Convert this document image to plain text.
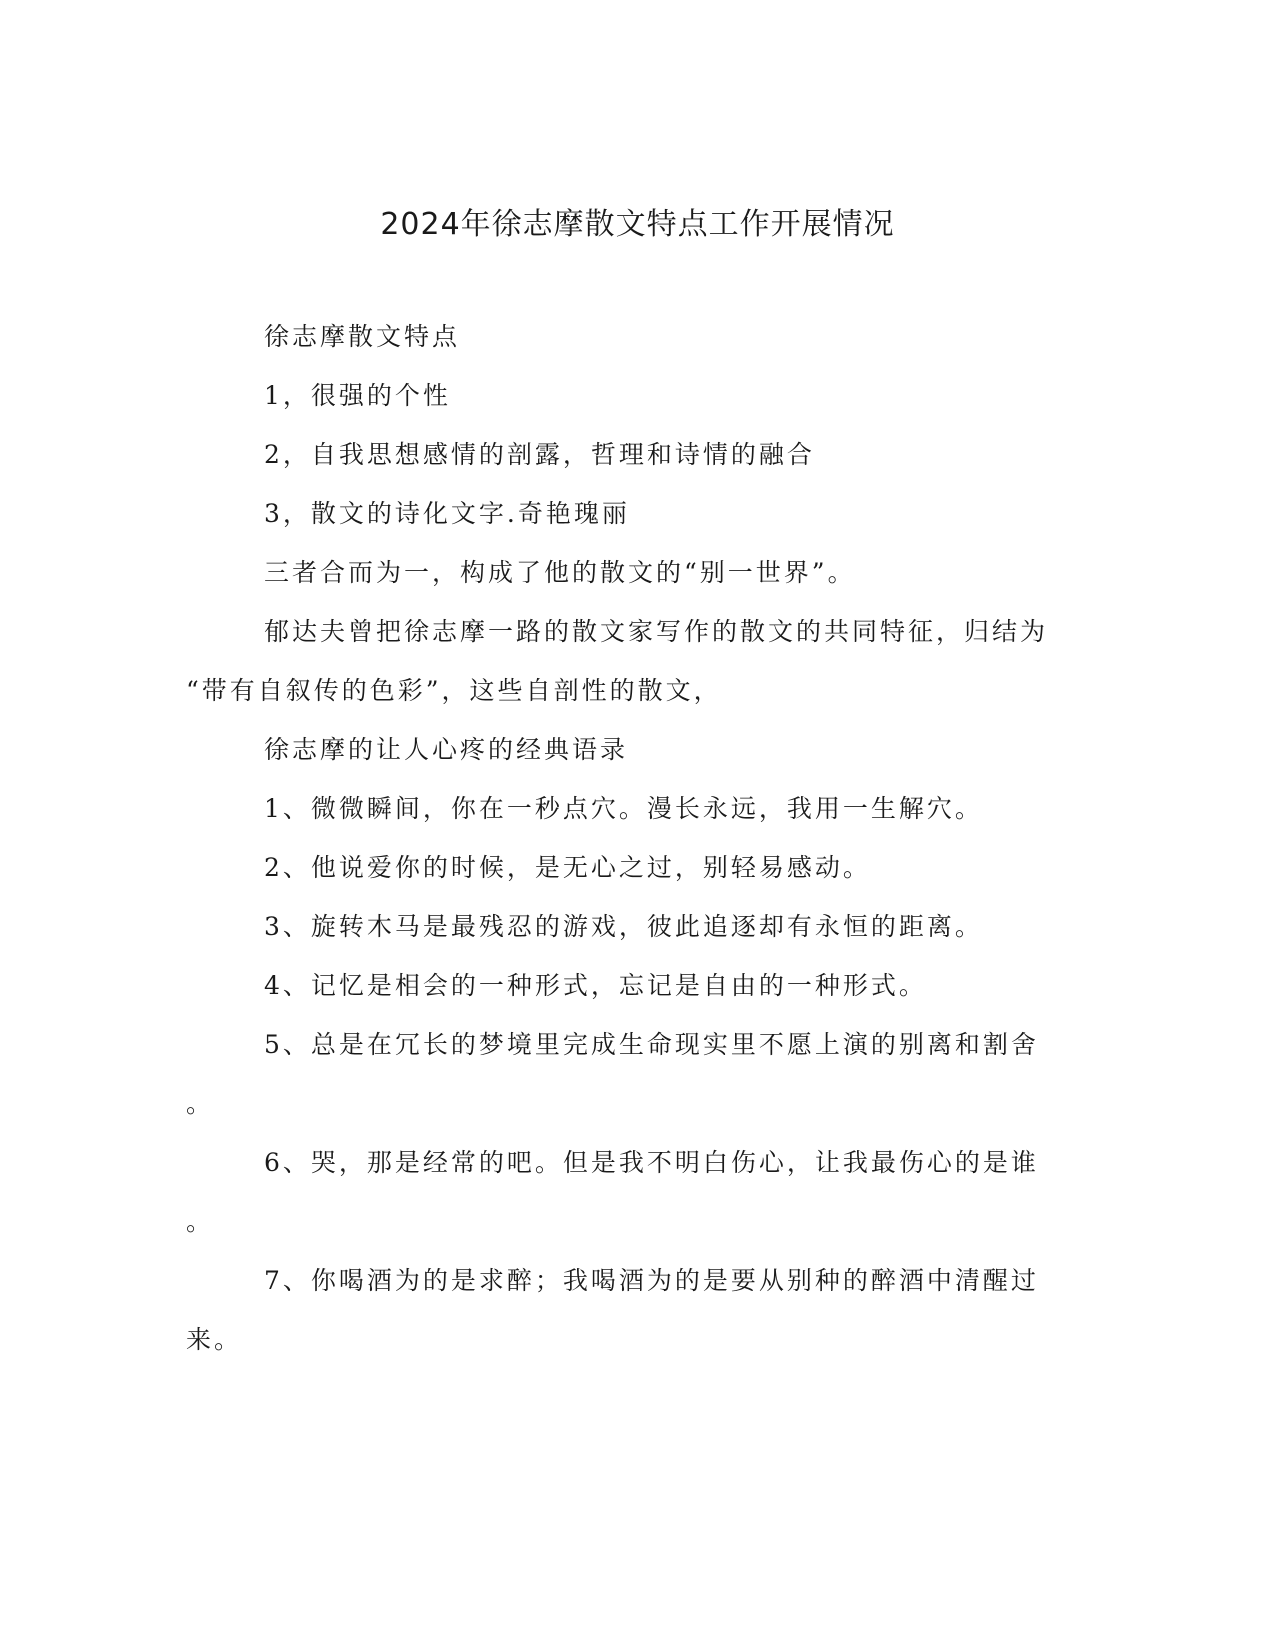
2024年徐志摩散文特点工作开展情况

徐志摩散文特点

1，很强的个性

2，自我思想感情的剖露，哲理和诗情的融合

3，散文的诗化文字.奇艳瑰丽

三者合而为一，构成了他的散文的“别一世界”。

郁达夫曾把徐志摩一路的散文家写作的散文的共同特征，归结为

“带有自叙传的色彩”，这些自剖性的散文，

徐志摩的让人心疼的经典语录

1、微微瞬间，你在一秒点穴。漫长永远，我用一生解穴。

2、他说爱你的时候，是无心之过，别轻易感动。

3、旋转木马是最残忍的游戏，彼此追逐却有永恒的距离。

4、记忆是相会的一种形式，忘记是自由的一种形式。

5、总是在冗长的梦境里完成生命现实里不愿上演的别离和割舍

。

6、哭，那是经常的吧。但是我不明白伤心，让我最伤心的是谁

。

7、你喝酒为的是求醉；我喝酒为的是要从别种的醉酒中清醒过

来。
